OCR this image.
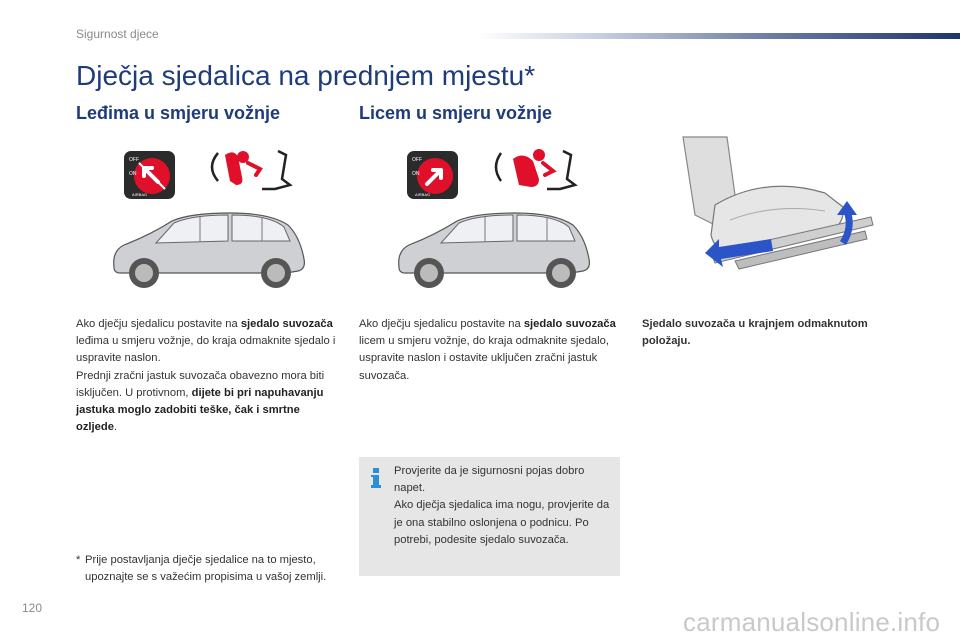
Sigurnost djece
Dječja sjedalica na prednjem mjestu*
Leđima u smjeru vožnje	Licem u smjeru vožnje
OFF
ON
AIRBAG
OFF
ON
AIRBAG
Ako dječju sjedalicu postavite na sjedalo suvozača leđima u smjeru vožnje, do kraja odmaknite sjedalo i uspravite naslon.
Prednji zračni jastuk suvozača obavezno mora biti isključen. U protivnom, dijete bi pri napuhavanju jastuka moglo zadobiti teške, čak i smrtne ozljede.
Ako dječju sjedalicu postavite na sjedalo suvozača licem u smjeru vožnje, do kraja odmaknite sjedalo, uspravite naslon i ostavite uključen zračni jastuk suvozača.
Sjedalo suvozača u krajnjem odmaknutom položaju.
Provjerite da je sigurnosni pojas dobro napet.
Ako dječja sjedalica ima nogu, provjerite da je ona stabilno oslonjena o podnicu. Po potrebi, podesite sjedalo suvozača.
* Prije postavljanja dječje sjedalice na to mjesto, upoznajte se s važećim propisima u vašoj zemlji.
120	carmanualsonline.info
